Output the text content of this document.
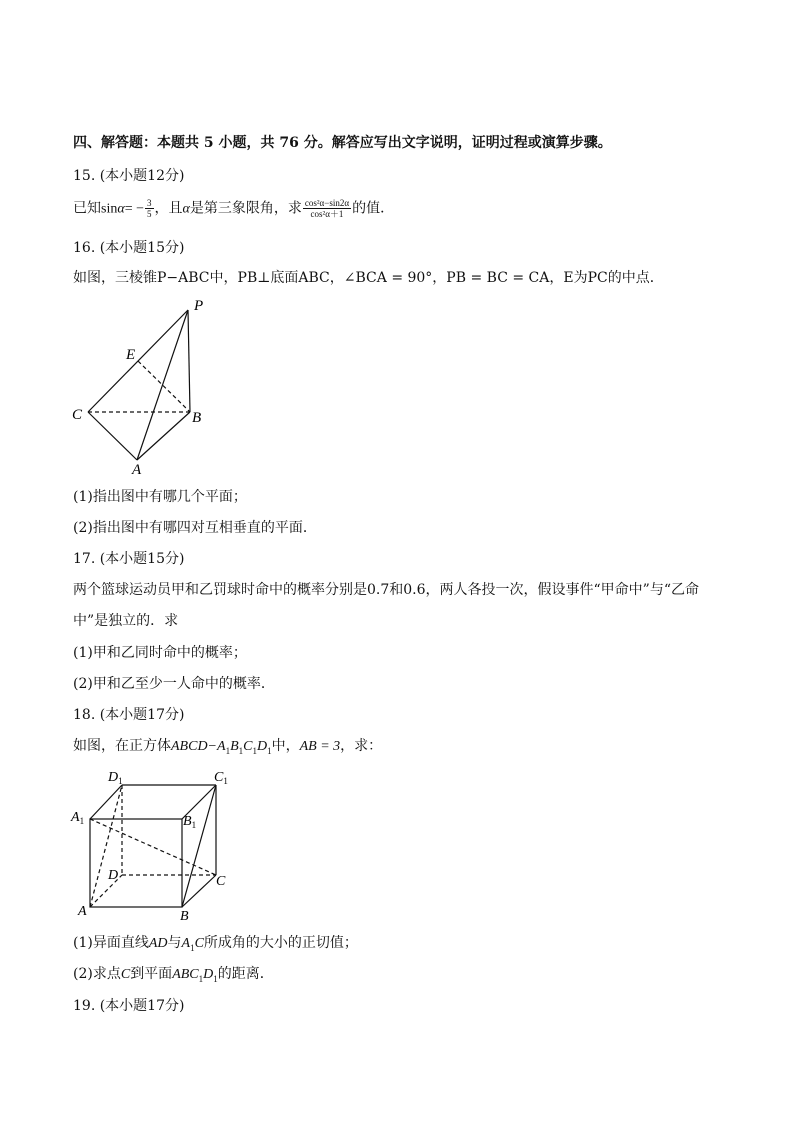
四、解答题：本题共 5 小题，共 76 分。解答应写出文字说明，证明过程或演算步骤。
15. (本小题12分)
已知$\sin\alpha= - \frac{3}{5}$ ，且α是第三象限角，求 $\frac{\text{cos²α−sin2α}}{\text{cos²α＋1}}$ 的值．
16. (本小题15分)
如图，三棱锥P−ABC中，PB⊥底面ABC，∠BCA = 90°，PB = BC = CA，E为PC的中点．
P
E
C	B
A
(1)指出图中有哪几个平面；
(2)指出图中有哪四对互相垂直的平面．
17. (本小题15分)
两个篮球运动员甲和乙罚球时命中的概率分别是0.7和0.6，两人各投一次，假设事件“甲命中”与“乙命
中”是独立的．求
(1)甲和乙同时命中的概率；
(2)甲和乙至少一人命中的概率．
18. (本小题17分)
如图，在正方体$ABCD-A_1B_1C_1D_1$中，AB = 3，求：
$D_1$	$C_1$
$A_1$	$B_1$
D	C
A	B
(1)异面直线AD与$A_1C$所成角的大小的正切值；
(2)求点C到平面$ABC_1D_1$的距离．
19. (本小题17分)
